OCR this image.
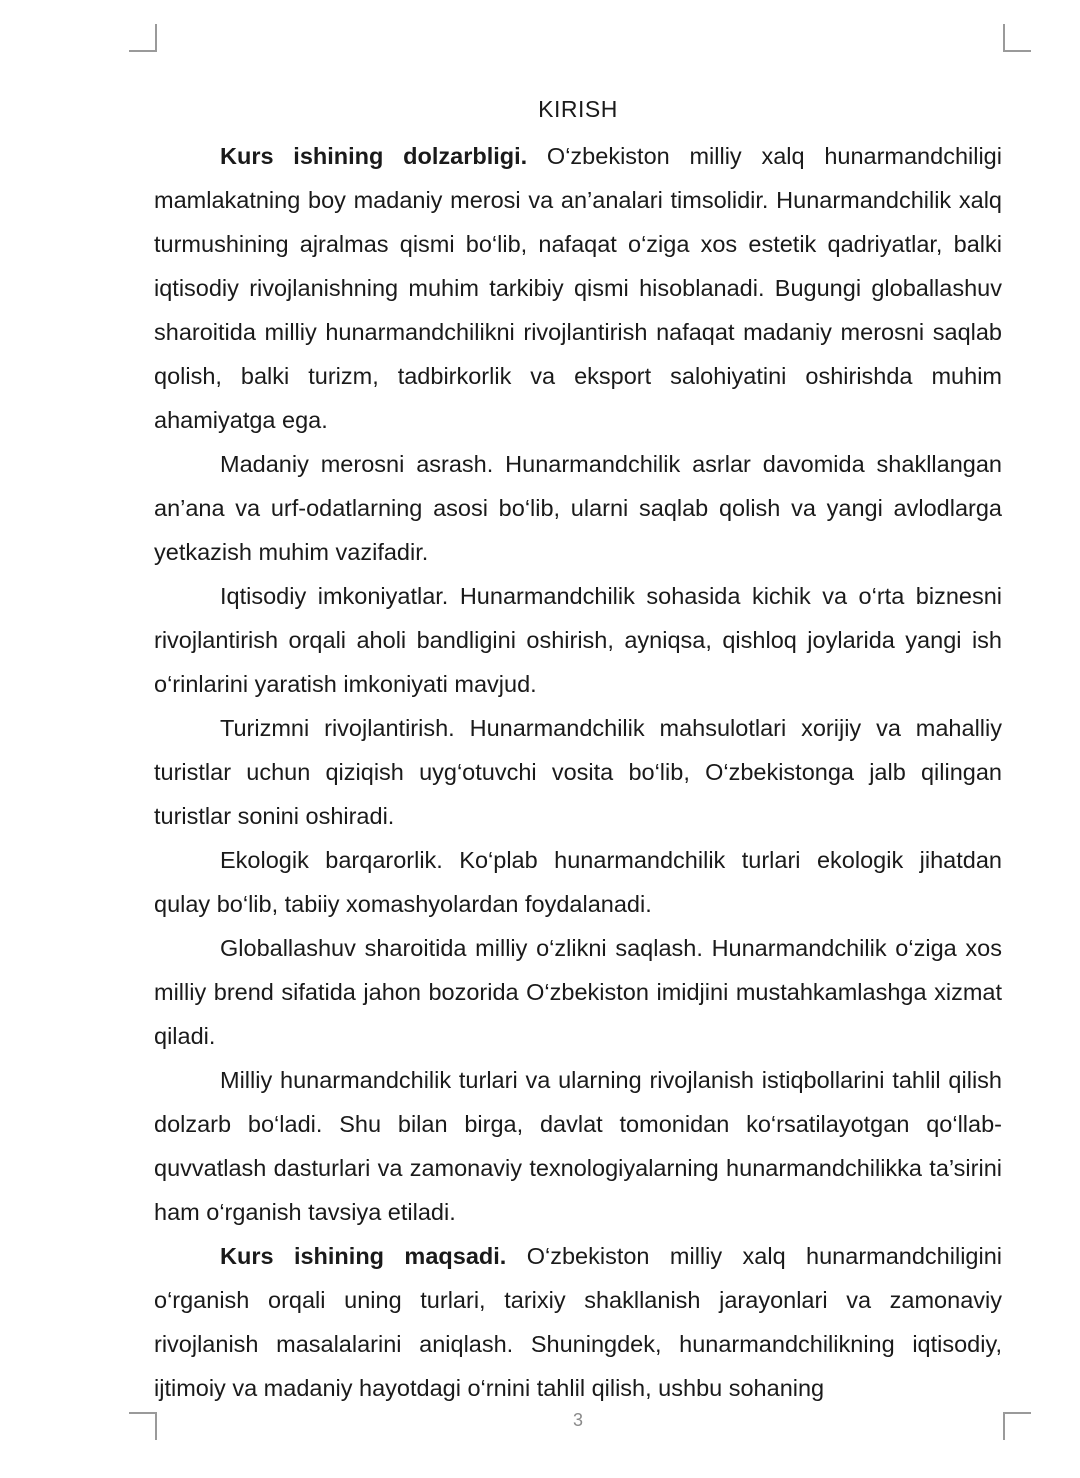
KIRISH

Kurs ishining dolzarbligi. O‘zbekiston milliy xalq hunarmandchiligi mamlakatning boy madaniy merosi va an’analari timsolidir. Hunarmandchilik xalq turmushining ajralmas qismi bo‘lib, nafaqat o‘ziga xos estetik qadriyatlar, balki iqtisodiy rivojlanishning muhim tarkibiy qismi hisoblanadi. Bugungi globallashuv sharoitida milliy hunarmandchilikni rivojlantirish nafaqat madaniy merosni saqlab qolish, balki turizm, tadbirkorlik va eksport salohiyatini oshirishda muhim ahamiyatga ega.

Madaniy merosni asrash. Hunarmandchilik asrlar davomida shakllangan an’ana va urf-odatlarning asosi bo‘lib, ularni saqlab qolish va yangi avlodlarga yetkazish muhim vazifadir.

Iqtisodiy imkoniyatlar. Hunarmandchilik sohasida kichik va o‘rta biznesni rivojlantirish orqali aholi bandligini oshirish, ayniqsa, qishloq joylarida yangi ish o‘rinlarini yaratish imkoniyati mavjud.

Turizmni rivojlantirish. Hunarmandchilik mahsulotlari xorijiy va mahalliy turistlar uchun qiziqish uyg‘otuvchi vosita bo‘lib, O‘zbekistonga jalb qilingan turistlar sonini oshiradi.

Ekologik barqarorlik. Ko‘plab hunarmandchilik turlari ekologik jihatdan qulay bo‘lib, tabiiy xomashyolardan foydalanadi.

Globallashuv sharoitida milliy o‘zlikni saqlash. Hunarmandchilik o‘ziga xos milliy brend sifatida jahon bozorida O‘zbekiston imidjini mustahkamlashga xizmat qiladi.

Milliy hunarmandchilik turlari va ularning rivojlanish istiqbollarini tahlil qilish dolzarb bo‘ladi. Shu bilan birga, davlat tomonidan ko‘rsatilayotgan qo‘llab-quvvatlash dasturlari va zamonaviy texnologiyalarning hunarmandchilikka ta’sirini ham o‘rganish tavsiya etiladi.

Kurs ishining maqsadi. O‘zbekiston milliy xalq hunarmandchiligini o‘rganish orqali uning turlari, tarixiy shakllanish jarayonlari va zamonaviy rivojlanish masalalarini aniqlash. Shuningdek, hunarmandchilikning iqtisodiy, ijtimoiy va madaniy hayotdagi o‘rnini tahlil qilish, ushbu sohaning

3
